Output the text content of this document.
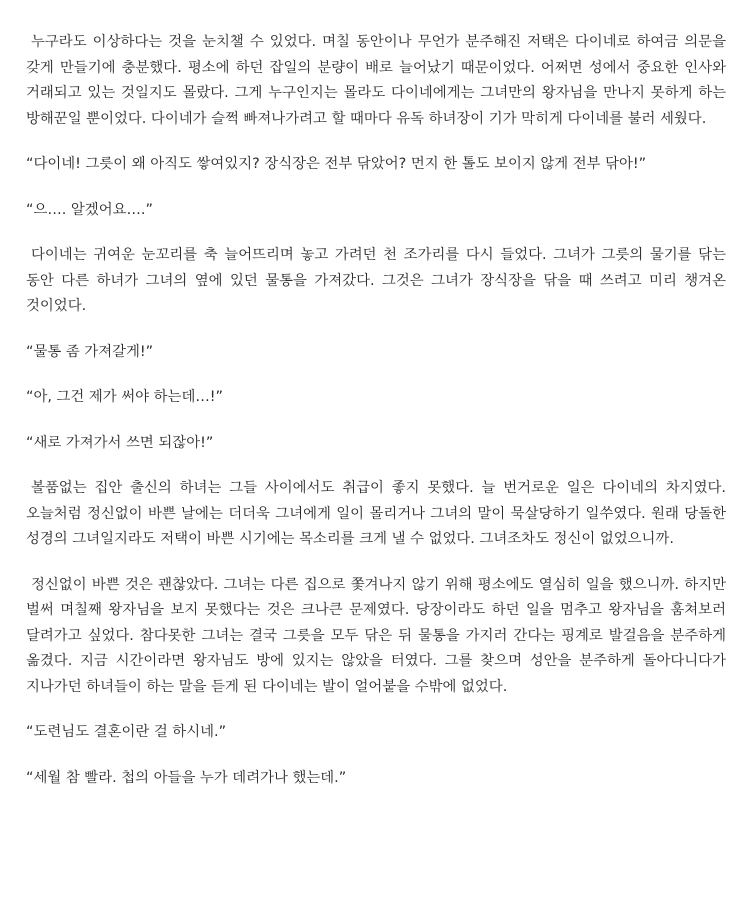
누구라도 이상하다는 것을 눈치챌 수 있었다. 며칠 동안이나 무언가 분주해진 저택은 다이네로 하여금 의문을 갖게 만들기에 충분했다. 평소에 하던 잡일의 분량이 배로 늘어났기 때문이었다. 어쩌면 성에서 중요한 인사와 거래되고 있는 것일지도 몰랐다. 그게 누구인지는 몰라도 다이네에게는 그녀만의 왕자님을 만나지 못하게 하는 방해꾼일 뿐이었다. 다이네가 슬쩍 빠져나가려고 할 때마다 유독 하녀장이 기가 막히게 다이네를 불러 세웠다.

“다이네! 그릇이 왜 아직도 쌓여있지? 장식장은 전부 닦았어? 먼지 한 톨도 보이지 않게 전부 닦아!”

“으…. 알겠어요….”

다이네는 귀여운 눈꼬리를 축 늘어뜨리며 놓고 가려던 천 조가리를 다시 들었다. 그녀가 그릇의 물기를 닦는 동안 다른 하녀가 그녀의 옆에 있던 물통을 가져갔다. 그것은 그녀가 장식장을 닦을 때 쓰려고 미리 챙겨온 것이었다.

“물통 좀 가져갈게!”

“아, 그건 제가 써야 하는데…!”

“새로 가져가서 쓰면 되잖아!”

볼품없는 집안 출신의 하녀는 그들 사이에서도 취급이 좋지 못했다. 늘 번거로운 일은 다이네의 차지였다. 오늘처럼 정신없이 바쁜 날에는 더더욱 그녀에게 일이 몰리거나 그녀의 말이 묵살당하기 일쑤였다. 원래 당돌한 성경의 그녀일지라도 저택이 바쁜 시기에는 목소리를 크게 낼 수 없었다. 그녀조차도 정신이 없었으니까.

정신없이 바쁜 것은 괜찮았다. 그녀는 다른 집으로 쫓겨나지 않기 위해 평소에도 열심히 일을 했으니까. 하지만 벌써 며칠째 왕자님을 보지 못했다는 것은 크나큰 문제였다. 당장이라도 하던 일을 멈추고 왕자님을 훔쳐보러 달려가고 싶었다. 참다못한 그녀는 결국 그릇을 모두 닦은 뒤 물통을 가지러 간다는 핑계로 발걸음을 분주하게 옮겼다. 지금 시간이라면 왕자님도 방에 있지는 않았을 터였다. 그를 찾으며 성안을 분주하게 돌아다니다가 지나가던 하녀들이 하는 말을 듣게 된 다이네는 발이 얼어붙을 수밖에 없었다.

“도련님도 결혼이란 걸 하시네.”

“세월 참 빨라. 첩의 아들을 누가 데려가나 했는데.”
